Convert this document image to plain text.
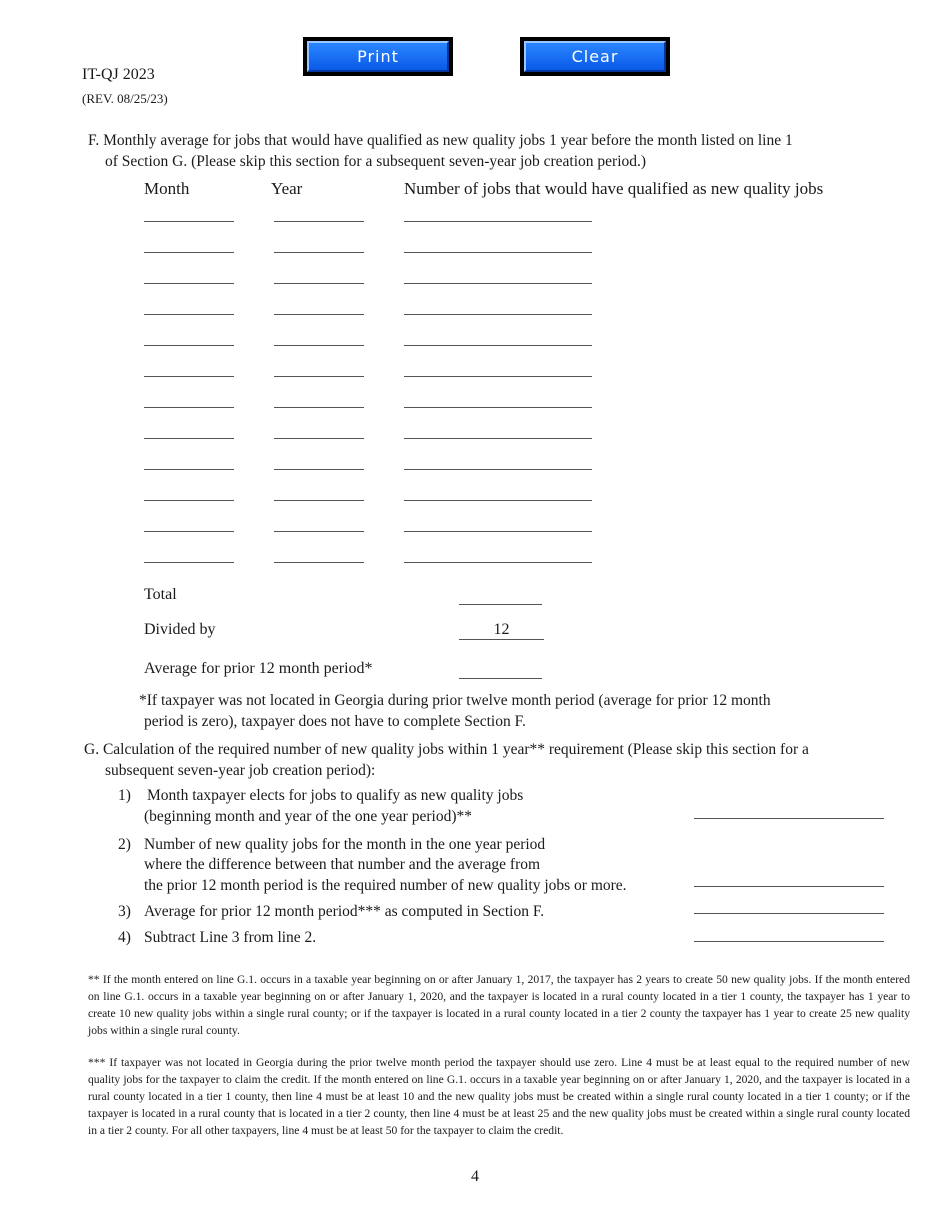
Print	Clear
IT-QJ 2023
(REV. 08/25/23)
F. Monthly average for jobs that would have qualified as new quality jobs 1 year before the month listed on line 1
of Section G. (Please skip this section for a subsequent seven-year job creation period.)
Month	Year	Number of jobs that would have qualified as new quality jobs
Total
Divided by	12
Average for prior 12 month period*
*If taxpayer was not located in Georgia during prior twelve month period (average for prior 12 month
period is zero), taxpayer does not have to complete Section F.
G. Calculation of the required number of new quality jobs within 1 year** requirement (Please skip this section for a
subsequent seven-year job creation period):
1) Month taxpayer elects for jobs to qualify as new quality jobs
(beginning month and year of the one year period)**
2) Number of new quality jobs for the month in the one year period
where the difference between that number and the average from
the prior 12 month period is the required number of new quality jobs or more.
3) Average for prior 12 month period*** as computed in Section F.
4) Subtract Line 3 from line 2.
** If the month entered on line G.1. occurs in a taxable year beginning on or after January 1, 2017, the taxpayer has 2 years to create 50 new quality jobs. If the month entered on line G.1. occurs in a taxable year beginning on or after January 1, 2020, and the taxpayer is located in a rural county located in a tier 1 county, the taxpayer has 1 year to create 10 new quality jobs within a single rural county; or if the taxpayer is located in a rural county located in a tier 2 county the taxpayer has 1 year to create 25 new quality jobs within a single rural county.
*** If taxpayer was not located in Georgia during the prior twelve month period the taxpayer should use zero. Line 4 must be at least equal to the required number of new quality jobs for the taxpayer to claim the credit. If the month entered on line G.1. occurs in a taxable year beginning on or after January 1, 2020, and the taxpayer is located in a rural county located in a tier 1 county, then line 4 must be at least 10 and the new quality jobs must be created within a single rural county located in a tier 1 county; or if the taxpayer is located in a rural county that is located in a tier 2 county, then line 4 must be at least 25 and the new quality jobs must be created within a single rural county located in a tier 2 county. For all other taxpayers, line 4 must be at least 50 for the taxpayer to claim the credit.
4
